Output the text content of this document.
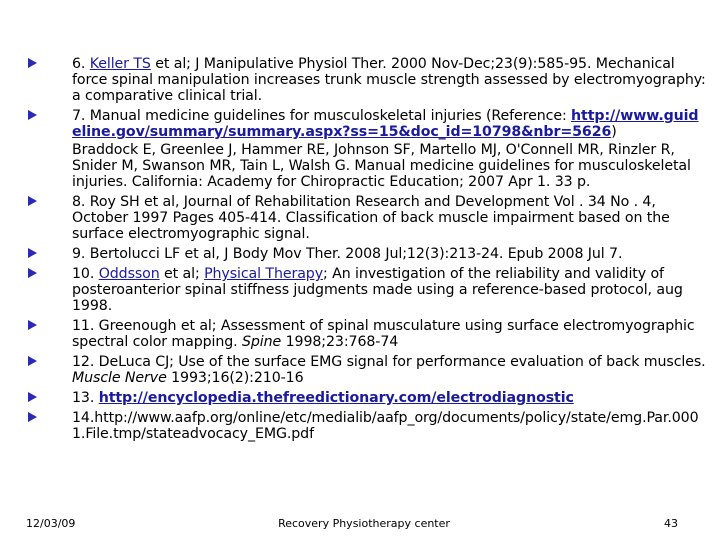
6. Keller TS et al; J Manipulative Physiol Ther. 2000 Nov-Dec;23(9):585-95. Mechanical force spinal manipulation increases trunk muscle strength assessed by electromyography: a comparative clinical trial.
7. Manual medicine guidelines for musculoskeletal injuries (Reference: http://www.guideline.gov/summary/summary.aspx?ss=15&doc_id=10798&nbr=5626)
Braddock E, Greenlee J, Hammer RE, Johnson SF, Martello MJ, O'Connell MR, Rinzler R, Snider M, Swanson MR, Tain L, Walsh G. Manual medicine guidelines for musculoskeletal injuries. California: Academy for Chiropractic Education; 2007 Apr 1. 33 p.
8. Roy SH et al, Journal of Rehabilitation Research and Development Vol . 34 No . 4, October 1997 Pages 405-414. Classification of back muscle impairment based on the surface electromyographic signal.
9. Bertolucci LF et al, J Body Mov Ther. 2008 Jul;12(3):213-24. Epub 2008 Jul 7.
10. Oddsson et al; Physical Therapy; An investigation of the reliability and validity of posteroanterior spinal stiffness judgments made using a reference-based protocol, aug 1998.
11. Greenough et al; Assessment of spinal musculature using surface electromyographic spectral color mapping. Spine 1998;23:768-74
12. DeLuca CJ; Use of the surface EMG signal for performance evaluation of back muscles. Muscle Nerve 1993;16(2):210-16
13. http://encyclopedia.thefreedictionary.com/electrodiagnostic
14.http://www.aafp.org/online/etc/medialib/aafp_org/documents/policy/state/emg.Par.0001.File.tmp/stateadvocacy_EMG.pdf
12/03/09	Recovery Physiotherapy center	43
